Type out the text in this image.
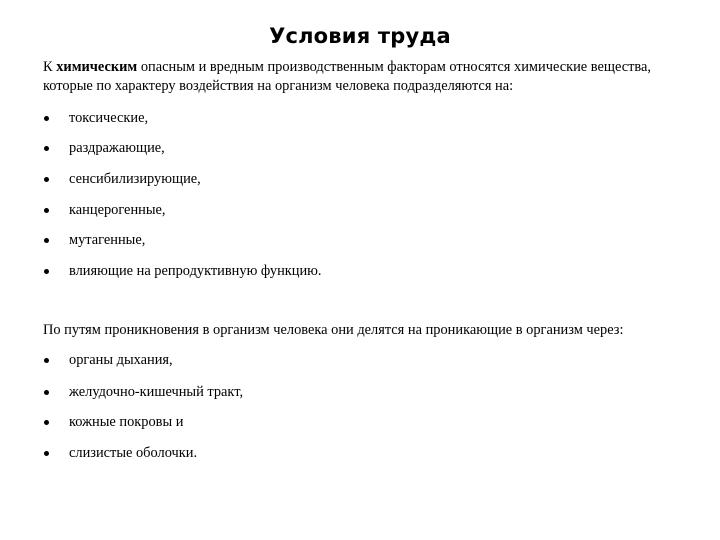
Условия труда
К химическим опасным и вредным производственным факторам относятся химические вещества, которые по характеру воздействия на организм человека подразделяются на:
токсические,
раздражающие,
сенсибилизирующие,
канцерогенные,
мутагенные,
влияющие на репродуктивную функцию.
По путям проникновения в организм человека они делятся на проникающие в организм через:
органы дыхания,
желудочно-кишечный тракт,
кожные покровы и
слизистые оболочки.
